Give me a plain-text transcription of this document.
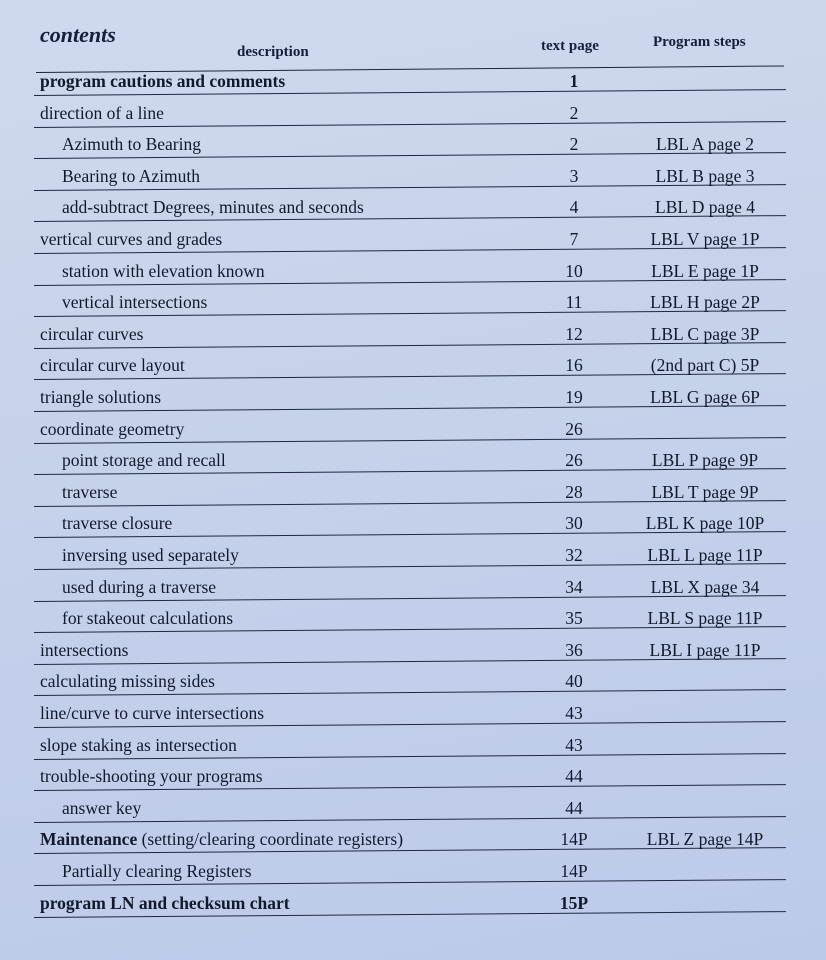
contents
description	text page	Program steps
program cautions and comments	1
direction of a line	2
Azimuth to Bearing	2	LBL A page 2
Bearing to Azimuth	3	LBL B page 3
add-subtract Degrees, minutes and seconds	4	LBL D page 4
vertical curves and grades	7	LBL V page 1P
station with elevation known	10	LBL E page 1P
vertical intersections	11	LBL H page 2P
circular curves	12	LBL C page 3P
circular curve layout	16	(2nd part C) 5P
triangle solutions	19	LBL G page 6P
coordinate geometry	26
point storage and recall	26	LBL P page 9P
traverse	28	LBL T page 9P
traverse closure	30	LBL K page 10P
inversing used separately	32	LBL L page 11P
used during a traverse	34	LBL X page 34
for stakeout calculations	35	LBL S page 11P
intersections	36	LBL I page 11P
calculating missing sides	40
line/curve to curve intersections	43
slope staking as intersection	43
trouble-shooting your programs	44
answer key	44
Maintenance (setting/clearing coordinate registers)	14P	LBL Z page 14P
Partially clearing Registers	14P
program LN and checksum chart	15P
